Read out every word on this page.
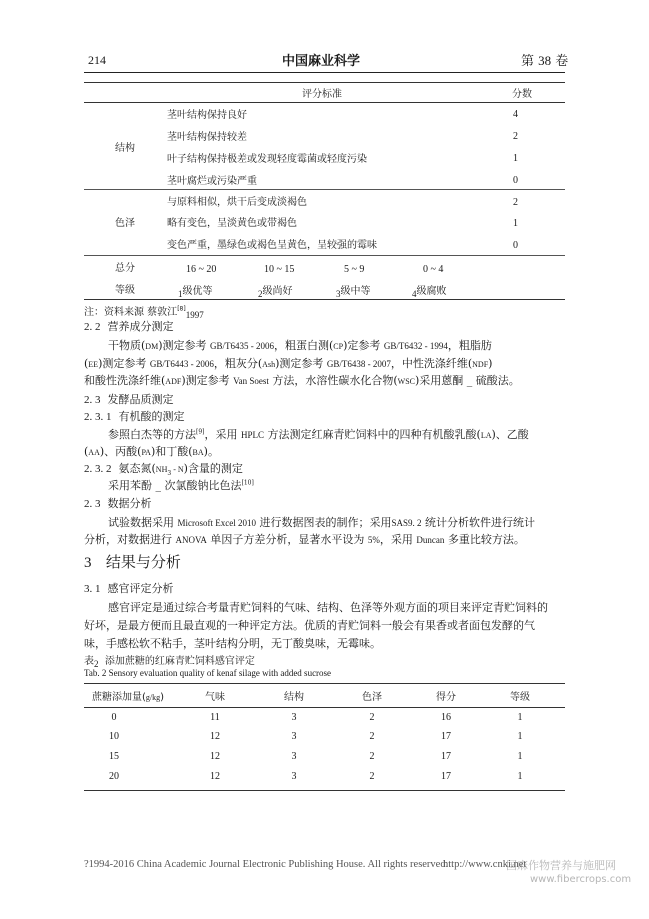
214	中国麻业科学	第 38 卷
评分标准	分数
结构
茎叶结构保持良好	4
茎叶结构保持较差	2
叶子结构保持极差或发现轻度霉菌或轻度污染	1
茎叶腐烂或污染严重	0
色泽
与原料相似，烘干后变成淡褐色	2
略有变色，呈淡黄色或带褐色	1
变色严重，墨绿色或褐色呈黄色，呈较强的霉味	0
总分	16 ~ 20	10 ~ 15	5 ~ 9	0 ~ 4
等级	1级优等	2级尚好	3级中等	4级腐败
注：资料来源 蔡敦江[8]1997
2. 2 营养成分测定
干物质(DM)测定参考 GB/T6435 - 2006，粗蛋白测(CP)定参考 GB/T6432 - 1994，粗脂肪
(EE)测定参考 GB/T6443 - 2006，粗灰分(Ash)测定参考 GB/T6438 - 2007，中性洗涤纤维(NDF)
和酸性洗涤纤维(ADF)测定参考 Van Soest 方法，水溶性碳水化合物(WSC)采用蒽酮 _ 硫酸法。
2. 3 发酵品质测定
2. 3. 1 有机酸的测定
参照白杰等的方法[9]，采用 HPLC 方法测定红麻青贮饲料中的四种有机酸乳酸(LA)、乙酸
(AA)、丙酸(PA)和丁酸(BA)。
2. 3. 2 氨态氮$(NH_3 - N)$含量的测定
采用苯酚 _ 次氯酸钠比色法[10]
2. 3 数据分析
试验数据采用 Microsoft Excel 2010 进行数据图表的制作；采用SAS9. 2 统计分析软件进行统计
分析，对数据进行 ANOVA 单因子方差分析，显著水平设为 5%，采用 Duncan 多重比较方法。
3 结果与分析
3. 1 感官评定分析
感官评定是通过综合考量青贮饲料的气味、结构、色泽等外观方面的项目来评定青贮饲料的
好坏，是最方便而且最直观的一种评定方法。优质的青贮饲料一般会有果香或者面包发酵的气
味，手感松软不粘手，茎叶结构分明，无丁酸臭味，无霉味。
表2 添加蔗糖的红麻青贮饲料感官评定
Tab. 2 Sensory evaluation quality of kenaf silage with added sucrose
蔗糖添加量(g/kg)	气味	结构	色泽	得分	等级
0	11	3	2	16	1
10	12	3	2	17	1
15	12	3	2	17	1
20	12	3	2	17	1
?1994-2016 China Academic Journal Electronic Publishing House. All rights reserved.
http://www.cnki.net
国麻作物营养与施肥网
www.fibercrops.com
